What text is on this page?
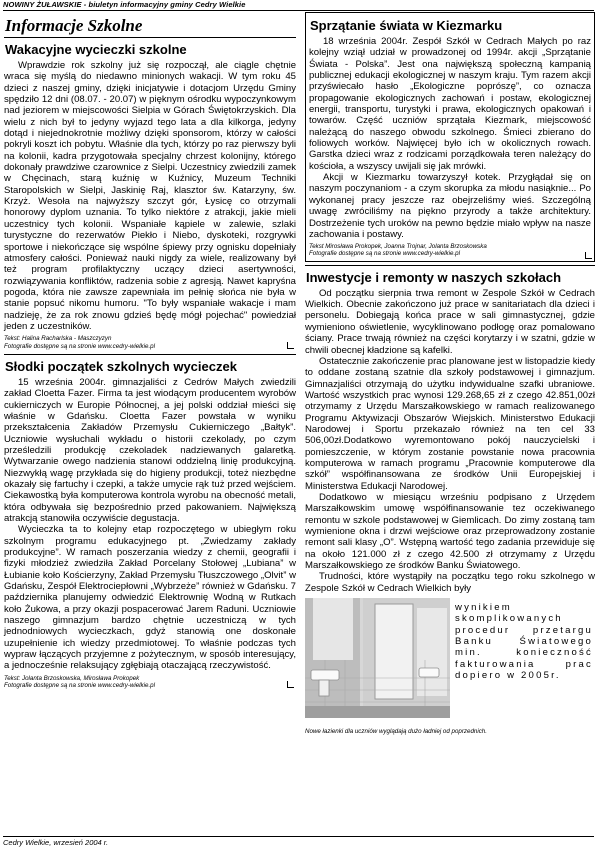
NOWINY ŻUŁAWSKIE - biuletyn informacyjny gminy Cedry Wielkie
Informacje Szkolne
Wakacyjne wycieczki szkolne

Wprawdzie rok szkolny już się rozpoczął, ale ciągle chętnie wraca się myślą do niedawno minionych wakacji. W tym roku 45 dzieci z naszej gminy, dzięki inicjatywie i dotacjom Urzędu Gminy spędziło 12 dni (08.07. - 20.07) w pięknym ośrodku wypoczynkowym nad jeziorem w miejscowości Sielpia w Górach Świętokrzyskich. Dla wielu z nich był to jedyny wyjazd tego lata a dla kilkorga, jedyny dotąd i niejednokrotnie możliwy dzięki sponsorom, którzy w całości pokryli koszt ich pobytu. Właśnie dla tych, którzy po raz pierwszy byli na kolonii, kadra przygotowała specjalny chrzest kolonijny, którego dokonały prawdziwe czarownice z Sielpi. Uczestnicy zwiedzili zamek w Chęcinach, starą kuźnię w Kuźnicy, Muzeum Techniki Staropolskich w Sielpi, Jaskinię Raj, klasztor św. Katarzyny, św. Krzyż. Wesoła na najwyższy szczyt gór, Łysicę co otrzymali honorowy dyplom uznania. To tylko niektóre z atrakcji, jakie mieli uczestnicy tych kolonii. Wspaniałe kąpiele w zalewie, szlaki turystyczne do rezerwatów Piekło i Niebo, dyskoteki, rozgrywki sportowe i niekończące się wspólne śpiewy przy ognisku dopełniały atmosfery całości. Ponieważ nauki nigdy za wiele, realizowany był też program profilaktyczny uczący dzieci asertywności, rozwiązywania konfliktów, radzenia sobie z agresją. Nawet kapryśna pogoda, która nie zawsze zapewniała im pełnię słońca nie była w stanie popsuć nikomu humoru. "To były wspaniałe wakacje i mam nadzieję, że za rok znowu gdzieś będę mógł pojechać" powiedział jeden z uczestników.

Tekst: Halina Racharlska - Maszczyzyn
Fotografie dostępne są na stronie www.cedry-wielkie.pl
Słodki początek szkolnych wycieczek

15 września 2004r. gimnazjaliści z Cedrów Małych zwiedzili zakład Cloetta Fazer. Firma ta jest wiodącym producentem wyrobów cukierniczych w Europie Północnej, a jej polski oddział mieści się właśnie w Gdańsku. Cloetta Fazer powstała w wyniku przekształcenia Zakładów Przemysłu Cukierniczego „Bałtyk”. Uczniowie wysłuchali wykładu o historii czekolady, po czym prześledzili produkcję czekoladek nadziewanych galaretką. Wytwarzanie owego nadzienia stanowi oddzielną linię produkcyjną. Niezwykłą wagę przykłada się do higieny produkcji, toteż niezbędne okazały się fartuchy i czepki, a także umycie rąk tuż przed wejściem. Ciekawostką była komputerowa kontrola wyrobu na obecność metali, która odbywała się bezpośrednio przed pakowaniem. Największą atrakcją stanowiła oczywiście degustacja.

Wycieczka ta to kolejny etap rozpoczętego w ubiegłym roku szkolnym programu edukacyjnego pt. „Zwiedzamy zakłady produkcyjne”. W ramach poszerzania wiedzy z chemii, geografii i fizyki młodzież zwiedziła Zakład Porcelany Stołowej „Lubiana” w Łubianie koło Kościerzyny, Zakład Przemysłu Tłuszczowego „Olvit” w Gdańsku, Zespół Elektrociepłowni „Wybrzeże” również w Gdańsku. 7 października planujemy odwiedzić Elektrownię Wodną w Rutkach koło Żukowa, a przy okazji pospacerować Jarem Raduni. Uczniowie naszego gimnazjum bardzo chętnie uczestniczą w tych jednodniowych wycieczkach, gdyż stanowią one doskonałe uzupełnienie ich wiedzy przedmiotowej. To właśnie podczas tych wypraw łączących przyjemne z pożytecznym, w sposób interesujący, a jednocześnie relaksujący zgłębiają otaczającą rzeczywistość.

Tekst: Jolanta Brzoskowska, Mirosława Prokopek
Fotografie dostępne są na stronie www.cedry-wielkie.pl
Sprzątanie świata w Kiezmarku

18 września 2004r. Zespół Szkół w Cedrach Małych po raz kolejny wziął udział w prowadzonej od 1994r. akcji „Sprzątanie Świata - Polska”. Jest ona największą społeczną kampanią publicznej edukacji ekologicznej w naszym kraju. Tym razem akcji przyświecało hasło „Ekologiczne poprószę”, co oznacza propagowanie ekologicznych zachowań i postaw, ekologicznej energii, transportu, turystyki i prawa, ekologicznych opakowań i towarów. Część uczniów sprzątała Kiezmark, miejscowość należącą do naszego obwodu szkolnego. Śmieci zbierano do foliowych worków. Najwięcej było ich w okolicznych rowach. Garstka dzieci wraz z rodzicami porządkowała teren należący do kościoła, a wszyscy uwijali się jak mrówki.

Akcji w Kiezmarku towarzyszył kotek. Przygłądał się on naszym poczynaniom - a czym skorupka za młodu nasiąknie... Po wykonanej pracy jeszcze raz obejrzeliśmy wieś. Szczególną uwagę zwróciliśmy na piękno przyrody a także architektury. Dostrzeżenie tych uroków na pewno będzie miało wpływ na nasze zachowania i postawy.

Tekst Mirosława Prokopek, Joanna Trojnar, Jolanta Brzoskowska
Fotografie dostępne są na stronie www.cedry-wielkie.pl
Inwestycje i remonty w naszych szkołach

Od początku sierpnia trwa remont w Zespole Szkół w Cedrach Wielkich. Obecnie zakończono już prace w sanitariatach dla dzieci i personelu. Dobiegają końca prace w sali gimnastycznej, gdzie wymieniono oświetlenie, wycyklinowano podłogę oraz pomalowano ściany. Prace trwają również na części korytarzy i w szatni, gdzie w chwili obecnej kładzione są kafelki.

Ostatecznie zakończenie prac planowane jest w listopadzie kiedy to oddane zostaną szatnie dla szkoły podstawowej i gimnazjum. Gimnazjaliści otrzymają do użytku indywidualne szafki ubraniowe. Wartość wszystkich prac wynosi 129.268,65 zł z czego 42.851,00zł otrzymamy z Urzędu Marszałkowskiego w ramach realizowanego Programu Aktywizacji Obszarów Wiejskich. Ministerstwo Edukacji Narodowej i Sportu przekazało również na ten cel 33 506,00zł.Dodatkowo wyremontowano pokój nauczycielski i pomieszczenie, w którym zostanie powstanie nowa pracownia komputerowa w ramach programu „Pracownie komputerowe dla szkół” współfinansowana ze środków Unii Europejskiej i Ministerstwa Edukacji Narodowej.

Dodatkowo w miesiącu wrześniu podpisano z Urzędem Marszałkowskim umowę współfinansowanie tez oczekiwanego remontu w szkole podstawowej w Giemlicach. Do zimy zostaną tam wymienione okna i drzwi wejściowe oraz przeprowadzony zostanie remont sali klasy „O”. Wstępną wartość tego zadania przewiduje się na około 121.000 zł z czego 42.500 zł otrzymamy z Urzędu Marszałkowskiego ze środków Banku Światowego.

Trudności, które wystąpiły na początku tego roku szkolnego w Zespole Szkół w Cedrach Wielkich były

wynikiem skomplikowanych procedur przetargu Banku Światowego min. konieczność fakturowania prac dopiero w 2005r.
Nowe łazienki dla uczniów wyglądają dużo ładniej od poprzednich.
Cedry Wielkie, wrzesień 2004 r.
